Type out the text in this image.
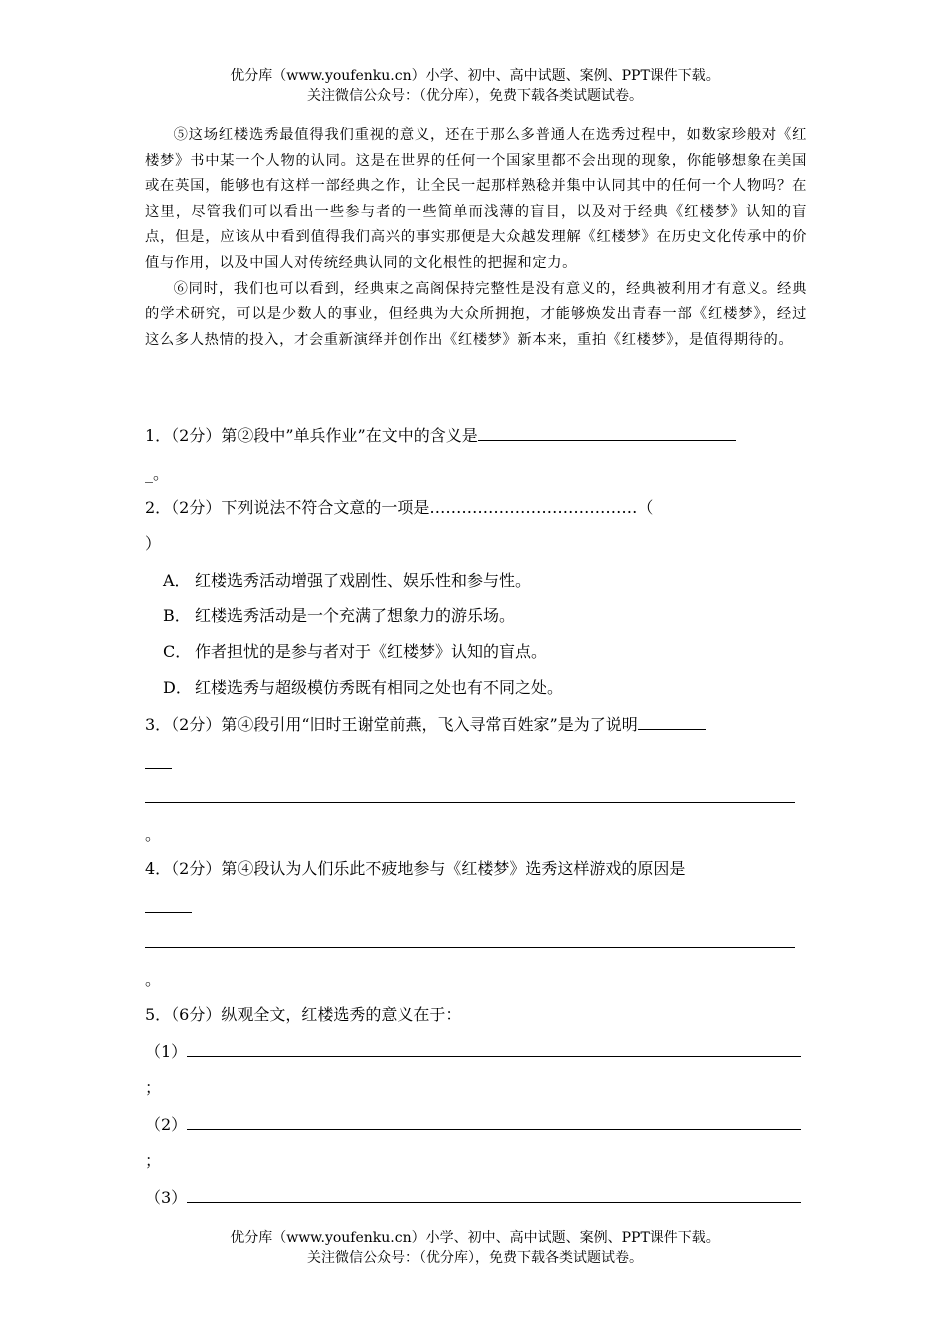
优分库（www.youfenku.cn）小学、初中、高中试题、案例、PPT课件下载。
关注微信公众号：（优分库），免费下载各类试题试卷。

⑤这场红楼选秀最值得我们重视的意义，还在于那么多普通人在选秀过程中，如数家珍般对《红楼梦》书中某一个人物的认同。这是在世界的任何一个国家里都不会出现的现象，你能够想象在美国或在英国，能够也有这样一部经典之作，让全民一起那样熟稔并集中认同其中的任何一个人物吗？在这里，尽管我们可以看出一些参与者的一些简单而浅薄的盲目，以及对于经典《红楼梦》认知的盲点，但是，应该从中看到值得我们高兴的事实那便是大众越发理解《红楼梦》在历史文化传承中的价值与作用，以及中国人对传统经典认同的文化根性的把握和定力。

⑥同时，我们也可以看到，经典束之高阁保持完整性是没有意义的，经典被利用才有意义。经典的学术研究，可以是少数人的事业，但经典为大众所拥抱，才能够焕发出青春一部《红楼梦》，经过这么多人热情的投入，才会重新演绎并创作出《红楼梦》新本来，重拍《红楼梦》，是值得期待的。

1．（2分）第②段中”单兵作业”在文中的含义是
_。
2．（2分）下列说法不符合文意的一项是…………………………………（
）
A． 红楼选秀活动增强了戏剧性、娱乐性和参与性。
B． 红楼选秀活动是一个充满了想象力的游乐场。
C． 作者担忧的是参与者对于《红楼梦》认知的盲点。
D． 红楼选秀与超级模仿秀既有相同之处也有不同之处。
3．（2分）第④段引用“旧时王谢堂前燕，飞入寻常百姓家”是为了说明
。
4．（2分）第④段认为人们乐此不疲地参与《红楼梦》选秀这样游戏的原因是
。
5．（6分）纵观全文，红楼选秀的意义在于：
（1）
；
（2）
；
（3）
优分库（www.youfenku.cn）小学、初中、高中试题、案例、PPT课件下载。
关注微信公众号：（优分库），免费下载各类试题试卷。
